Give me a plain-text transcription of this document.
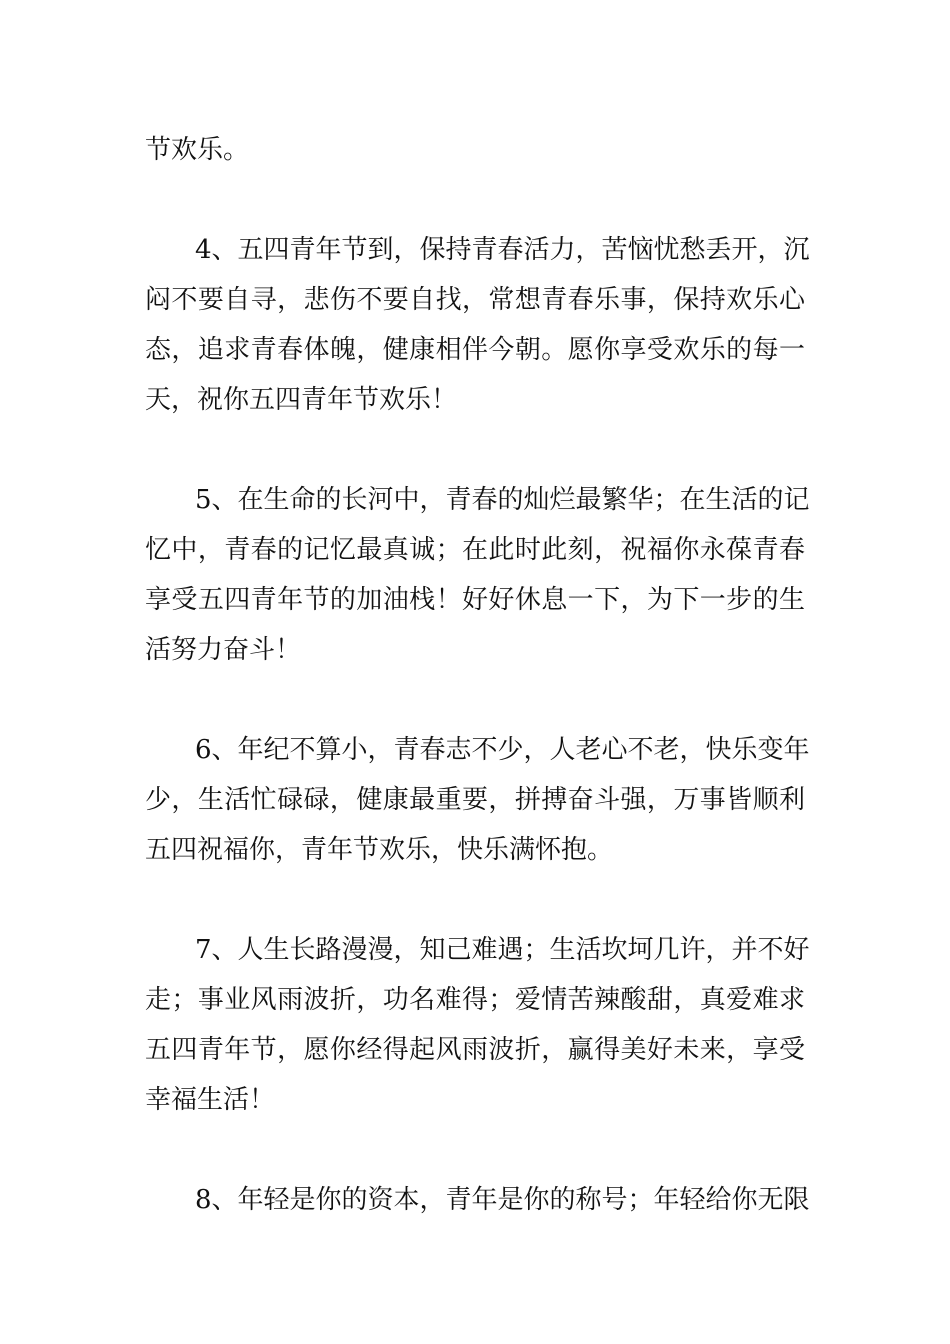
节欢乐。
4、五四青年节到，保持青春活力，苦恼忧愁丢开，沉
闷不要自寻，悲伤不要自找，常想青春乐事，保持欢乐心
态，追求青春体魄，健康相伴今朝。愿你享受欢乐的每一
天，祝你五四青年节欢乐！
5、在生命的长河中，青春的灿烂最繁华；在生活的记
忆中，青春的记忆最真诚；在此时此刻，祝福你永葆青春
享受五四青年节的加油栈！好好休息一下，为下一步的生
活努力奋斗！
6、年纪不算小，青春志不少，人老心不老，快乐变年
少，生活忙碌碌，健康最重要，拼搏奋斗强，万事皆顺利
五四祝福你，青年节欢乐，快乐满怀抱。
7、人生长路漫漫，知己难遇；生活坎坷几许，并不好
走；事业风雨波折，功名难得；爱情苦辣酸甜，真爱难求
五四青年节，愿你经得起风雨波折，赢得美好未来，享受
幸福生活！
8、年轻是你的资本，青年是你的称号；年轻给你无限
